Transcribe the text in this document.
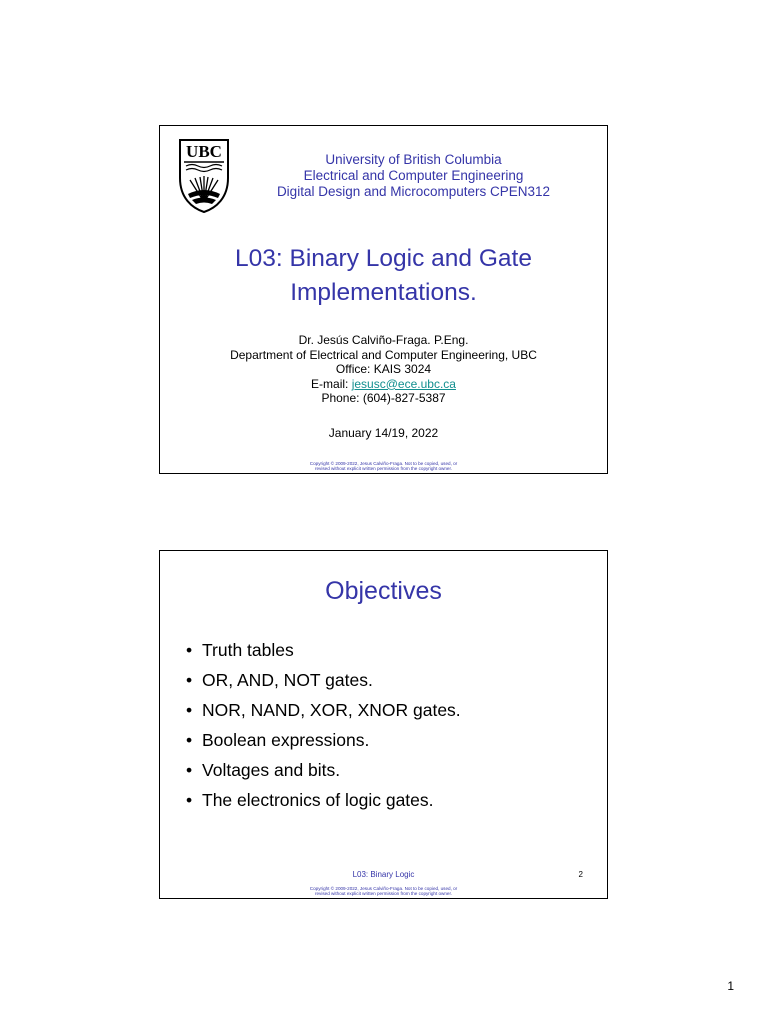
UBC	University of British Columbia
Electrical and Computer Engineering
Digital Design and Microcomputers CPEN312
L03: Binary Logic and Gate
Implementations.
Dr. Jesús Calviño-Fraga. P.Eng.
Department of Electrical and Computer Engineering, UBC
Office: KAIS 3024
E-mail: jesusc@ece.ubc.ca
Phone: (604)-827-5387
January 14/19, 2022
Copyright © 2009-2022, Jesus Calviño-Fraga. Not to be copied, used, or
revised without explicit written permission from the copyright owner.
Objectives
• Truth tables
• OR, AND, NOT gates.
• NOR, NAND, XOR, XNOR gates.
• Boolean expressions.
• Voltages and bits.
• The electronics of logic gates.
L03: Binary Logic	2
Copyright © 2009-2022, Jesus Calviño-Fraga. Not to be copied, used, or
revised without explicit written permission from the copyright owner.
1
